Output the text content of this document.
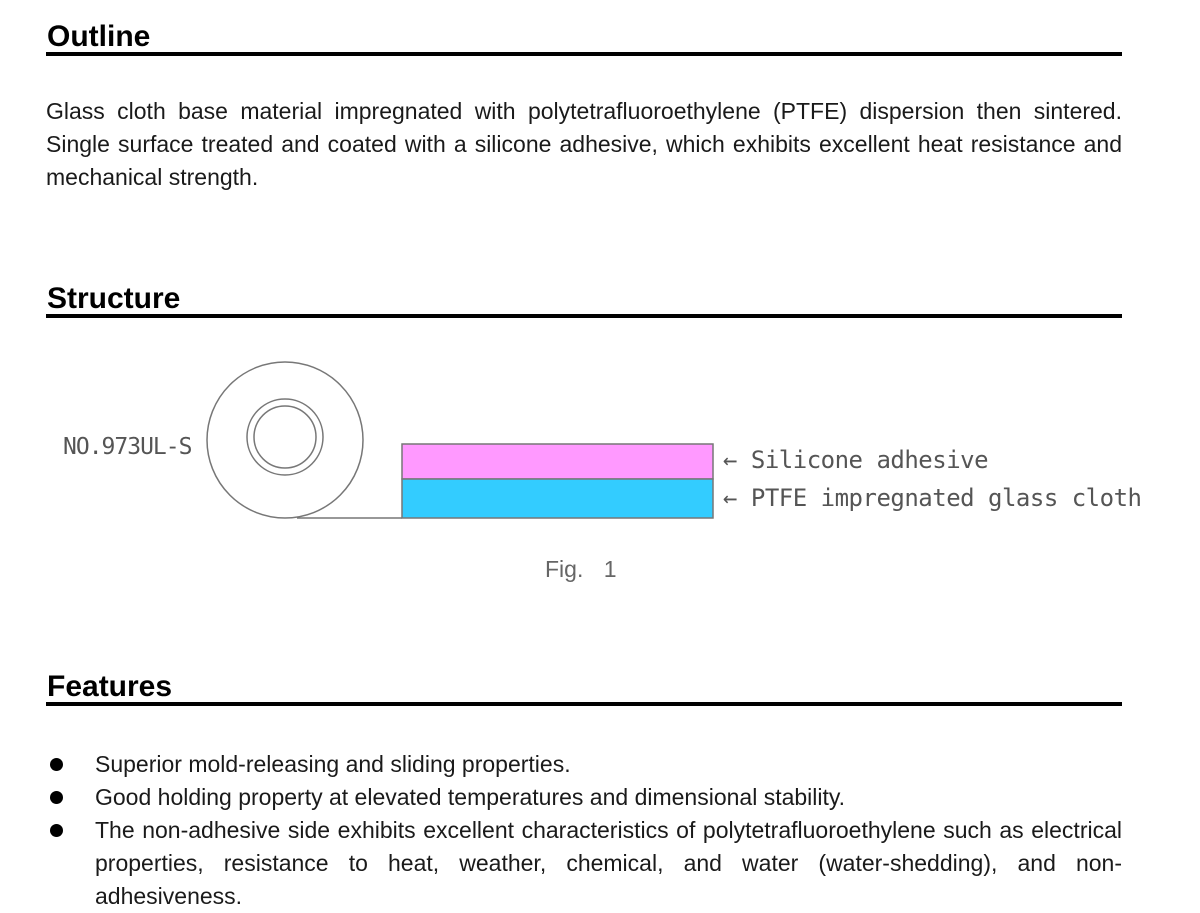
Outline

Glass cloth base material impregnated with polytetrafluoroethylene (PTFE) dispersion then sintered. Single surface treated and coated with a silicone adhesive, which exhibits excellent heat resistance and mechanical strength.

Structure
NO.973UL-S	← Silicone adhesive
← PTFE impregnated glass cloth
Fig. 1
Features
Superior mold-releasing and sliding properties.
Good holding property at elevated temperatures and dimensional stability.
The non-adhesive side exhibits excellent characteristics of polytetrafluoroethylene such as electrical properties, resistance to heat, weather, chemical, and water (water-shedding), and non-adhesiveness.
